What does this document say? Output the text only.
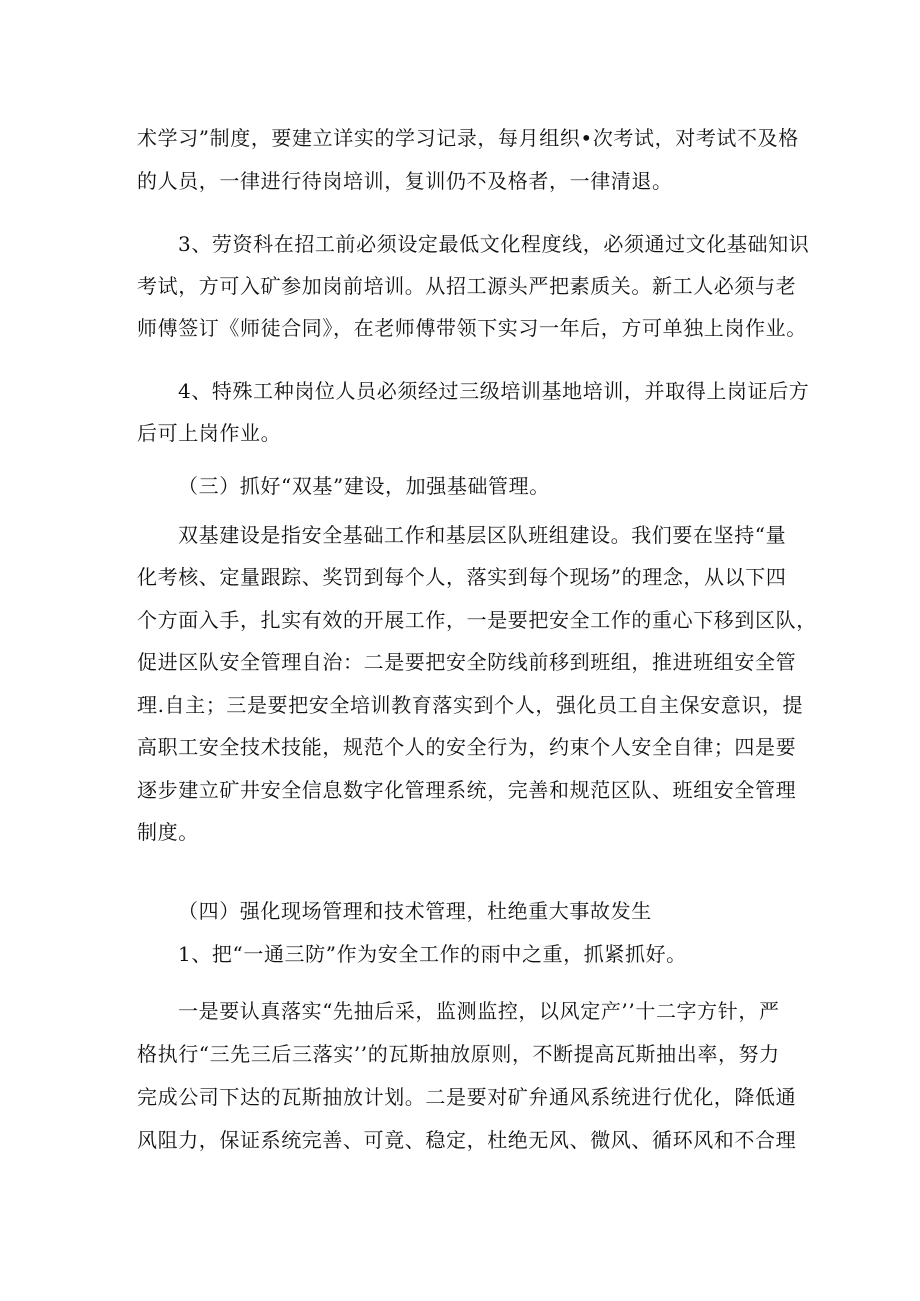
术学习”制度，要建立详实的学习记录，每月组织•次考试，对考试不及格
的人员，一律进行待岗培训，复训仍不及格者，一律清退。
3、劳资科在招工前必须设定最低文化程度线，必须通过文化基础知识
考试，方可入矿参加岗前培训。从招工源头严把素质关。新工人必须与老
师傅签订《师徒合同》，在老师傅带领下实习一年后，方可单独上岗作业。
4、特殊工种岗位人员必须经过三级培训基地培训，并取得上岗证后方
后可上岗作业。
（三）抓好“双基”建设，加强基础管理。
双基建设是指安全基础工作和基层区队班组建设。我们要在坚持“量
化考核、定量跟踪、奖罚到每个人，落实到每个现场”的理念，从以下四
个方面入手，扎实有效的开展工作，一是要把安全工作的重心下移到区队，
促进区队安全管理自治：二是要把安全防线前移到班组，推进班组安全管
理.自主；三是要把安全培训教育落实到个人，强化员工自主保安意识，提
高职工安全技术技能，规范个人的安全行为，约束个人安全自律；四是要
逐步建立矿井安全信息数字化管理系统，完善和规范区队、班组安全管理
制度。
（四）强化现场管理和技术管理，杜绝重大事故发生
1、把“一通三防”作为安全工作的雨中之重，抓紧抓好。
一是要认真落实“先抽后采，监测监控，以风定产’’十二字方针，严
格执行“三先三后三落实’’的瓦斯抽放原则，不断提高瓦斯抽出率，努力
完成公司下达的瓦斯抽放计划。二是要对矿弁通风系统进行优化，降低通
风阻力，保证系统完善、可竟、稳定，杜绝无风、微风、循环风和不合理
